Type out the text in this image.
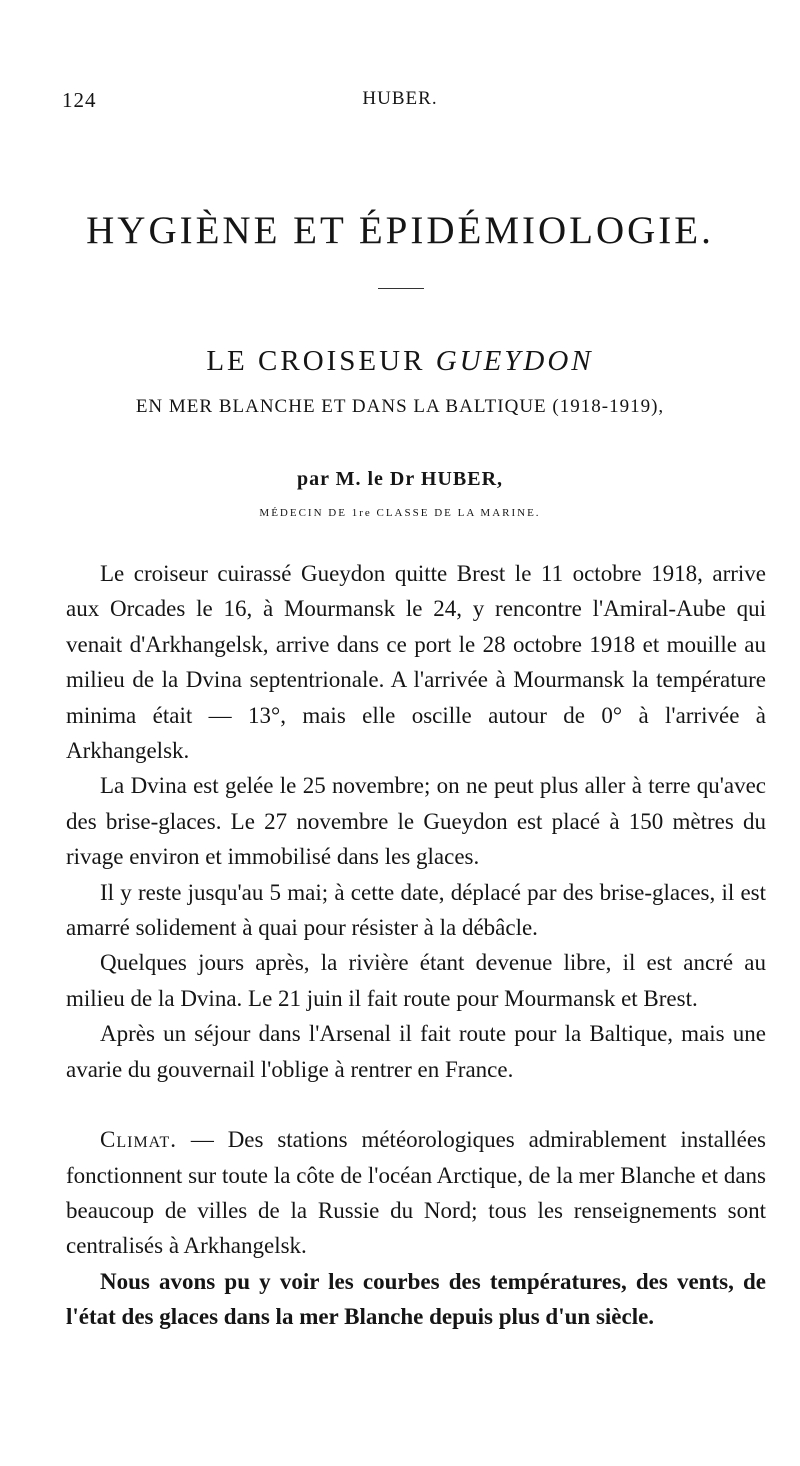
124	HUBER.
HYGIÈNE ET ÉPIDÉMIOLOGIE.
LE CROISEUR GUEYDON
EN MER BLANCHE ET DANS LA BALTIQUE (1918-1919),
par M. le Dr HUBER,
MÉDECIN DE 1re CLASSE DE LA MARINE.

Le croiseur cuirassé Gueydon quitte Brest le 11 octobre 1918, arrive aux Orcades le 16, à Mourmansk le 24, y rencontre l'Amiral-Aube qui venait d'Arkhangelsk, arrive dans ce port le 28 octobre 1918 et mouille au milieu de la Dvina septentrionale. A l'arrivée à Mourmansk la température minima était — 13°, mais elle oscille autour de 0° à l'arrivée à Arkhangelsk.

La Dvina est gelée le 25 novembre; on ne peut plus aller à terre qu'avec des brise-glaces. Le 27 novembre le Gueydon est placé à 150 mètres du rivage environ et immobilisé dans les glaces.

Il y reste jusqu'au 5 mai; à cette date, déplacé par des brise-glaces, il est amarré solidement à quai pour résister à la débâcle.

Quelques jours après, la rivière étant devenue libre, il est ancré au milieu de la Dvina. Le 21 juin il fait route pour Mourmansk et Brest.

Après un séjour dans l'Arsenal il fait route pour la Baltique, mais une avarie du gouvernail l'oblige à rentrer en France.

Climat. — Des stations météorologiques admirablement installées fonctionnent sur toute la côte de l'océan Arctique, de la mer Blanche et dans beaucoup de villes de la Russie du Nord; tous les renseignements sont centralisés à Arkhangelsk.

Nous avons pu y voir les courbes des températures, des vents, de l'état des glaces dans la mer Blanche depuis plus d'un siècle.
